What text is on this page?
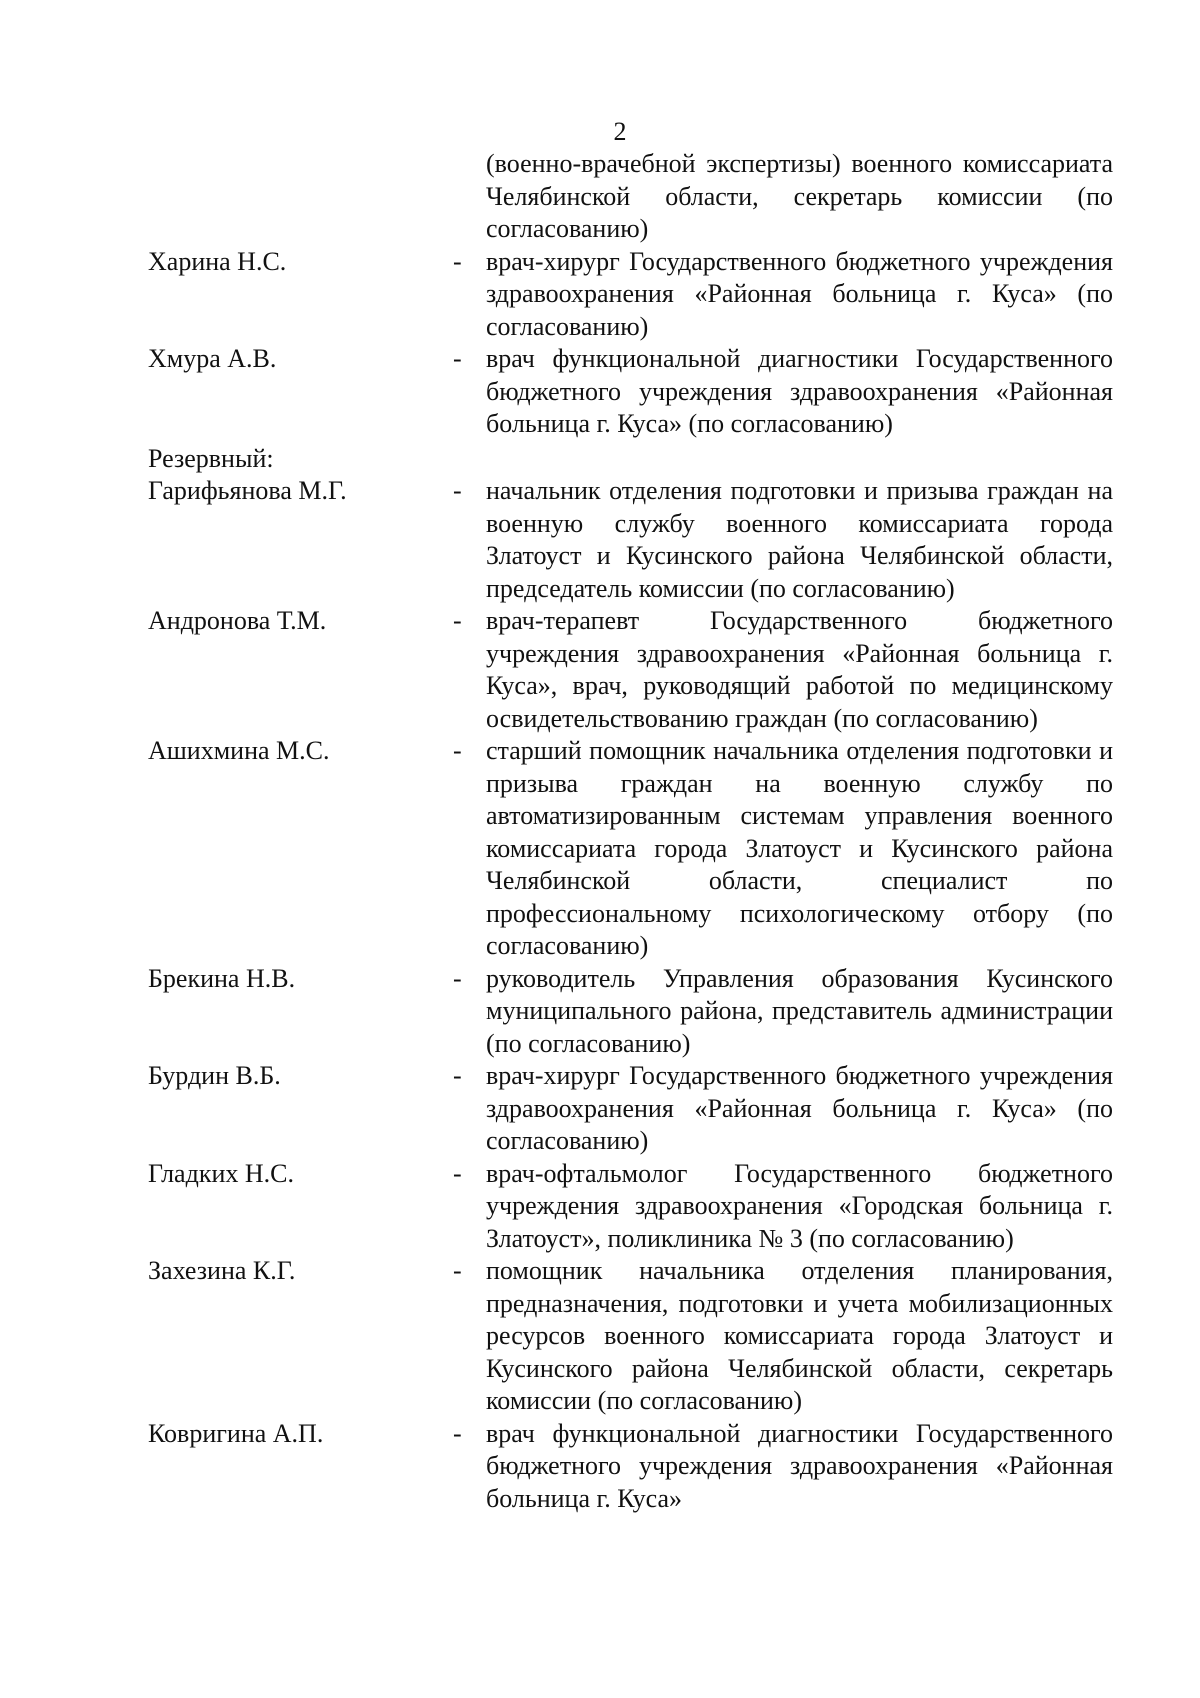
2
(военно-врачебной экспертизы) военного комиссариата Челябинской области, секретарь комиссии (по согласованию)
Харина Н.С.	- врач-хирург Государственного бюджетного учреждения здравоохранения «Районная больница г. Куса» (по согласованию)
Хмура А.В.	- врач функциональной диагностики Государственного бюджетного учреждения здравоохранения «Районная больница г. Куса» (по согласованию)
Резервный:
Гарифьянова М.Г.	- начальник отделения подготовки и призыва граждан на военную службу военного комиссариата города Златоуст и Кусинского района Челябинской области, председатель комиссии (по согласованию)
Андронова Т.М.	- врач-терапевт Государственного бюджетного учреждения здравоохранения «Районная больница г. Куса», врач, руководящий работой по медицинскому освидетельствованию граждан (по согласованию)
Ашихмина М.С.	- старший помощник начальника отделения подготовки и призыва граждан на военную службу по автоматизированным системам управления военного комиссариата города Златоуст и Кусинского района Челябинской области, специалист по профессиональному психологическому отбору (по согласованию)
Брекина Н.В.	- руководитель Управления образования Кусинского муниципального района, представитель администрации (по согласованию)
Бурдин В.Б.	- врач-хирург Государственного бюджетного учреждения здравоохранения «Районная больница г. Куса» (по согласованию)
Гладких Н.С.	- врач-офтальмолог Государственного бюджетного учреждения здравоохранения «Городская больница г. Златоуст», поликлиника № 3 (по согласованию)
Захезина К.Г.	- помощник начальника отделения планирования, предназначения, подготовки и учета мобилизационных ресурсов военного комиссариата города Златоуст и Кусинского района Челябинской области, секретарь комиссии (по согласованию)
Ковригина А.П.	- врач функциональной диагностики Государственного бюджетного учреждения здравоохранения «Районная больница г. Куса»
